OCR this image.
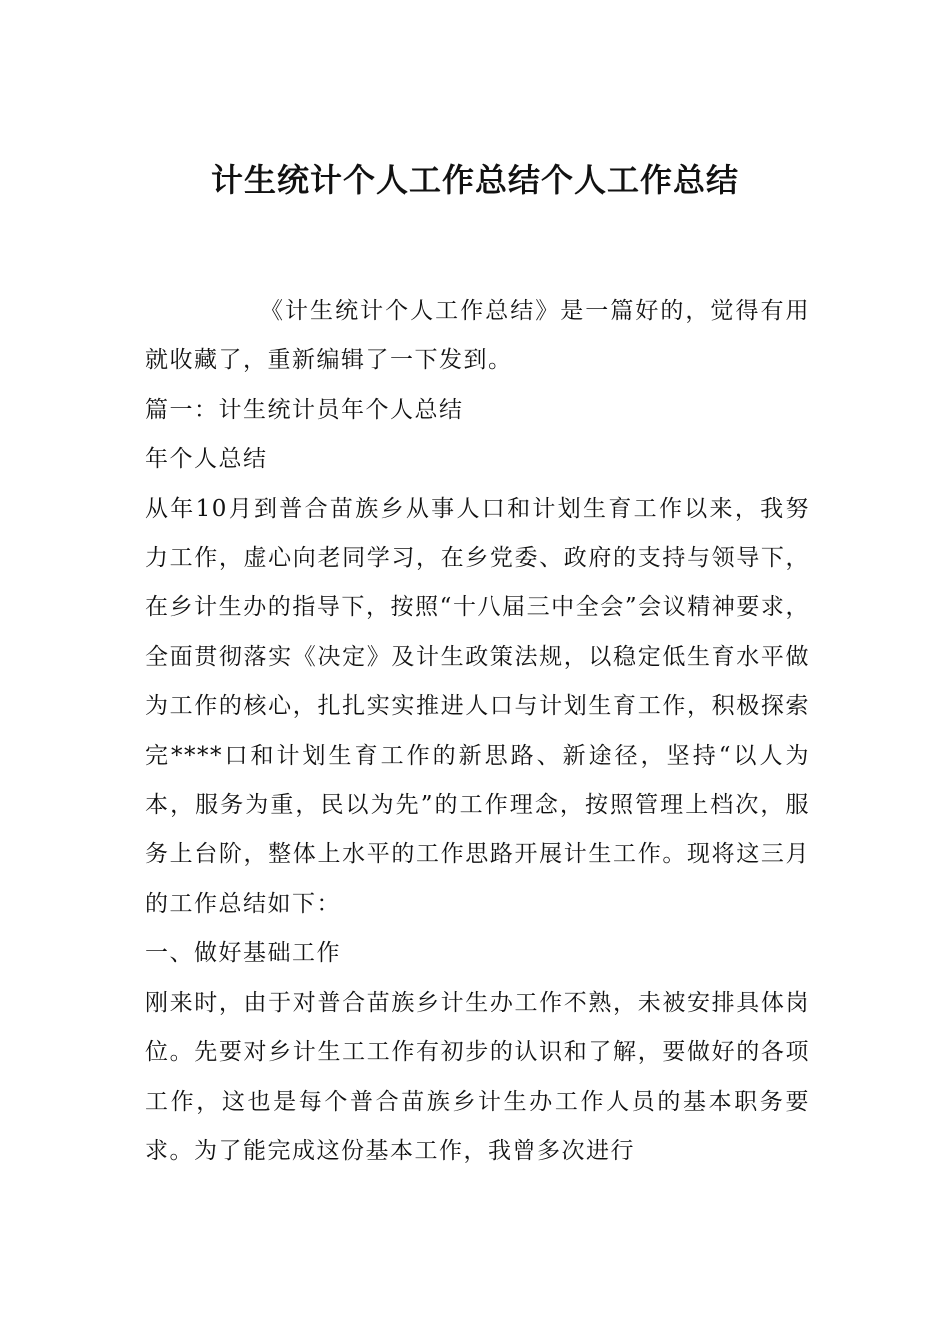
计生统计个人工作总结个人工作总结

《计生统计个人工作总结》是一篇好的，觉得有用就收藏了，重新编辑了一下发到。

篇一：计生统计员年个人总结

年个人总结

从年10月到普合苗族乡从事人口和计划生育工作以来，我努力工作，虚心向老同学习，在乡党委、政府的支持与领导下，在乡计生办的指导下，按照“十八届三中全会”会议精神要求，全面贯彻落实《决定》及计生政策法规，以稳定低生育水平做为工作的核心，扎扎实实推进人口与计划生育工作，积极探索完****口和计划生育工作的新思路、新途径，坚持“以人为本，服务为重，民以为先”的工作理念，按照管理上档次，服务上台阶，整体上水平的工作思路开展计生工作。现将这三月的工作总结如下：

一、做好基础工作

刚来时，由于对普合苗族乡计生办工作不熟，未被安排具体岗位。先要对乡计生工工作有初步的认识和了解，要做好的各项工作，这也是每个普合苗族乡计生办工作人员的基本职务要求。为了能完成这份基本工作，我曾多次进行
